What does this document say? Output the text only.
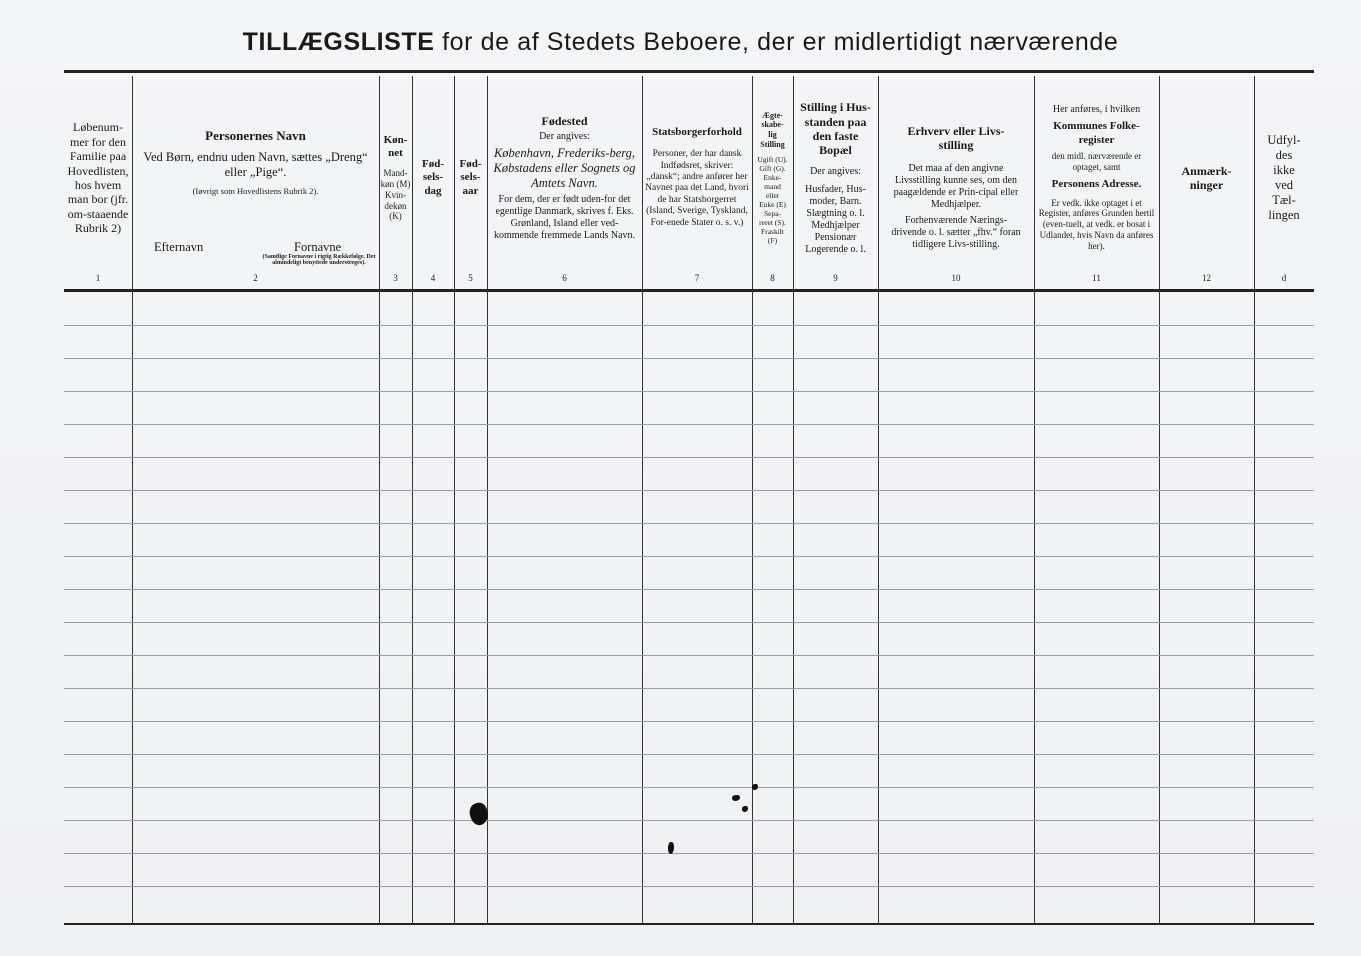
TILLÆGSLISTE for de af Stedets Beboere, der er midlertidigt nærværende
Løbenum-mer for den Familie paa Hovedlisten, hos hvem man bor (jfr. om-staaende Rubrik 2)
1
Personernes Navn
Ved Børn, endnu uden Navn, sættes „Dreng“ eller „Pige“.
(Iøvrigt som Hovedlistens Rubrik 2).
Efternavn	Fornavne
(Samtlige Fornavne i rigtig Rækkefølge. Det almindeligt benyttede understreges).
2
Køn-net
Mand-køn (M) Kvin-dekøn (K)
3
Fød-sels-dag
4
Fød-sels-aar
5
Fødested
Der angives:
København, Frederiks-berg, Købstadens eller Sognets og Amtets Navn.
For dem, der er født uden-for det egentlige Danmark, skrives f. Eks. Grønland, Island eller ved-kommende fremmede Lands Navn.
6
Statsborgerforhold
Personer, der har dansk Indfødsret, skriver: „dansk“; andre anfører her Navnet paa det Land, hvori de har Statsborgerret (Island, Sverige, Tyskland, For-enede Stater o. s. v.)
7
Ægte-skabe-lig Stilling
Ugift (U). Gift (G). Enke-mand eller Enke (E) Sepa-reret (S). Fraskilt (F)
8
Stilling i Hus-standen paa den faste Bopæl
Der angives:
Husfader, Hus-moder, Barn. Slægtning o. l. Medhjælper Pensionær Logerende o. l.
9
Erhverv eller Livs-stilling
Det maa af den angivne Livsstilling kunne ses, om den paagældende er Prin-cipal eller Medhjælper.
Forhenværende Nærings-drivende o. l. sætter „fhv.“ foran tidligere Livs-stilling.
10
Her anføres, i hvilken
Kommunes Folke-register
den midl. nærværende er optaget, samt
Personens Adresse.
Er vedk. ikke optaget i et Register, anføres Grunden hertil (even-tuelt, at vedk. er bosat i Udlandet, hvis Navn da anføres her).
11
Anmærk-ninger
12
Udfyl-des ikke ved Tæl-lingen
d
